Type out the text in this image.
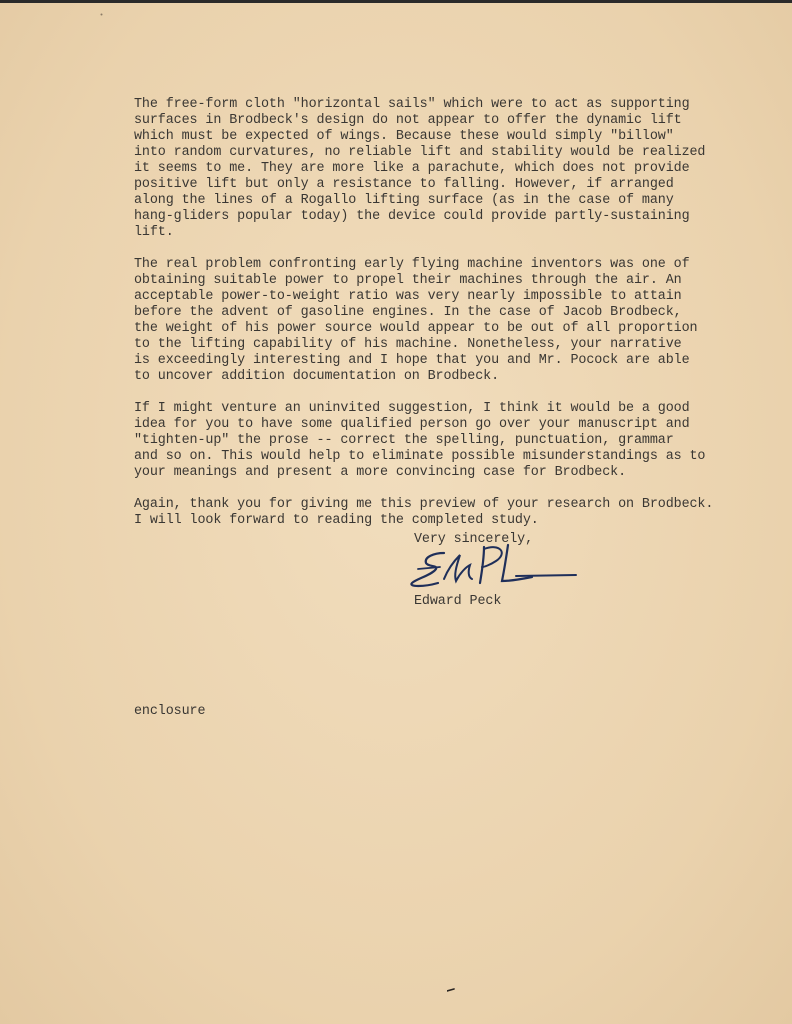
The free-form cloth "horizontal sails" which were to act as supporting
surfaces in Brodbeck's design do not appear to offer the dynamic lift
which must be expected of wings. Because these would simply "billow"
into random curvatures, no reliable lift and stability would be realized
it seems to me. They are more like a parachute, which does not provide
positive lift but only a resistance to falling. However, if arranged
along the lines of a Rogallo lifting surface (as in the case of many
hang-gliders popular today) the device could provide partly-sustaining
lift.
The real problem confronting early flying machine inventors was one of
obtaining suitable power to propel their machines through the air. An
acceptable power-to-weight ratio was very nearly impossible to attain
before the advent of gasoline engines. In the case of Jacob Brodbeck,
the weight of his power source would appear to be out of all proportion
to the lifting capability of his machine. Nonetheless, your narrative
is exceedingly interesting and I hope that you and Mr. Pocock are able
to uncover addition documentation on Brodbeck.
If I might venture an uninvited suggestion, I think it would be a good
idea for you to have some qualified person go over your manuscript and
"tighten-up" the prose -- correct the spelling, punctuation, grammar
and so on. This would help to eliminate possible misunderstandings as to
your meanings and present a more convincing case for Brodbeck.
Again, thank you for giving me this preview of your research on Brodbeck.
I will look forward to reading the completed study.
Very sincerely,
Edward Peck
enclosure
